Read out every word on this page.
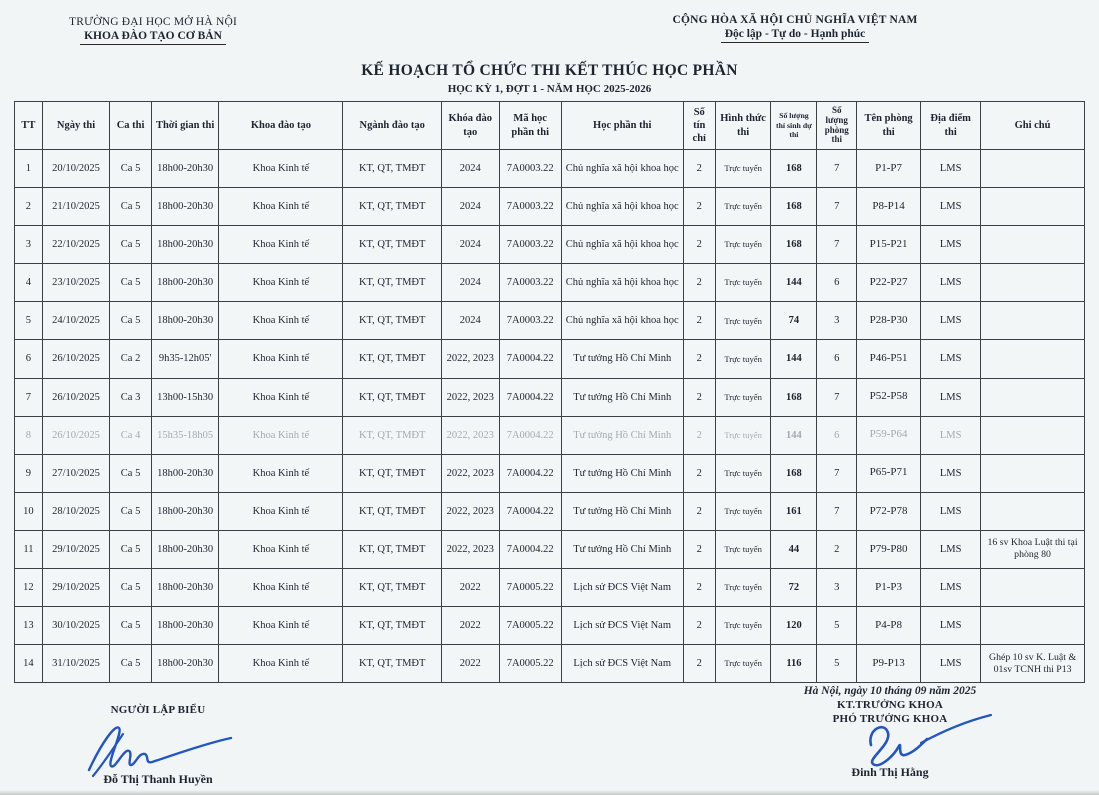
TRƯỜNG ĐẠI HỌC MỞ HÀ NỘI
KHOA ĐÀO TẠO CƠ BẢN
CỘNG HÒA XÃ HỘI CHỦ NGHĨA VIỆT NAM
Độc lập - Tự do - Hạnh phúc
KẾ HOẠCH TỔ CHỨC THI KẾT THÚC HỌC PHẦN
HỌC KỲ 1, ĐỢT 1 - NĂM HỌC 2025-2026
TT	Ngày thi	Ca thi	Thời gian thi	Khoa đào tạo	Ngành đào tạo	Khóa đào tạo	Mã học phần thi	Học phần thi	Số tín chỉ	Hình thức thi	Số lượng thí sinh dự thi	Số lượng phòng thi	Tên phòng thi	Địa điểm thi	Ghi chú
1	20/10/2025	Ca 5	18h00-20h30	Khoa Kinh tế	KT, QT, TMĐT	2024	7A0003.22	Chủ nghĩa xã hội khoa học	2	Trực tuyến	168	7	P1-P7	LMS	
2	21/10/2025	Ca 5	18h00-20h30	Khoa Kinh tế	KT, QT, TMĐT	2024	7A0003.22	Chủ nghĩa xã hội khoa học	2	Trực tuyến	168	7	P8-P14	LMS	
3	22/10/2025	Ca 5	18h00-20h30	Khoa Kinh tế	KT, QT, TMĐT	2024	7A0003.22	Chủ nghĩa xã hội khoa học	2	Trực tuyến	168	7	P15-P21	LMS	
4	23/10/2025	Ca 5	18h00-20h30	Khoa Kinh tế	KT, QT, TMĐT	2024	7A0003.22	Chủ nghĩa xã hội khoa học	2	Trực tuyến	144	6	P22-P27	LMS	
5	24/10/2025	Ca 5	18h00-20h30	Khoa Kinh tế	KT, QT, TMĐT	2024	7A0003.22	Chủ nghĩa xã hội khoa học	2	Trực tuyến	74	3	P28-P30	LMS	
6	26/10/2025	Ca 2	9h35-12h05'	Khoa Kinh tế	KT, QT, TMĐT	2022, 2023	7A0004.22	Tư tưởng Hồ Chí Minh	2	Trực tuyến	144	6	P46-P51	LMS	
7	26/10/2025	Ca 3	13h00-15h30	Khoa Kinh tế	KT, QT, TMĐT	2022, 2023	7A0004.22	Tư tưởng Hồ Chí Minh	2	Trực tuyến	168	7	P52-P58	LMS	
8	26/10/2025	Ca 4	15h35-18h05	Khoa Kinh tế	KT, QT, TMĐT	2022, 2023	7A0004.22	Tư tưởng Hồ Chí Minh	2	Trực tuyến	144	6	P59-P64	LMS	
9	27/10/2025	Ca 5	18h00-20h30	Khoa Kinh tế	KT, QT, TMĐT	2022, 2023	7A0004.22	Tư tưởng Hồ Chí Minh	2	Trực tuyến	168	7	P65-P71	LMS	
10	28/10/2025	Ca 5	18h00-20h30	Khoa Kinh tế	KT, QT, TMĐT	2022, 2023	7A0004.22	Tư tưởng Hồ Chí Minh	2	Trực tuyến	161	7	P72-P78	LMS	
11	29/10/2025	Ca 5	18h00-20h30	Khoa Kinh tế	KT, QT, TMĐT	2022, 2023	7A0004.22	Tư tưởng Hồ Chí Minh	2	Trực tuyến	44	2	P79-P80	LMS	16 sv Khoa Luật thi tại phòng 80
12	29/10/2025	Ca 5	18h00-20h30	Khoa Kinh tế	KT, QT, TMĐT	2022	7A0005.22	Lịch sử ĐCS Việt Nam	2	Trực tuyến	72	3	P1-P3	LMS	
13	30/10/2025	Ca 5	18h00-20h30	Khoa Kinh tế	KT, QT, TMĐT	2022	7A0005.22	Lịch sử ĐCS Việt Nam	2	Trực tuyến	120	5	P4-P8	LMS	
14	31/10/2025	Ca 5	18h00-20h30	Khoa Kinh tế	KT, QT, TMĐT	2022	7A0005.22	Lịch sử ĐCS Việt Nam	2	Trực tuyến	116	5	P9-P13	LMS	Ghép 10 sv K. Luật & 01sv TCNH thi P13
NGƯỜI LẬP BIỂU
Đỗ Thị Thanh Huyền
Hà Nội, ngày 10 tháng 09 năm 2025
KT.TRƯỞNG KHOA
PHÓ TRƯỞNG KHOA
Đinh Thị Hằng
